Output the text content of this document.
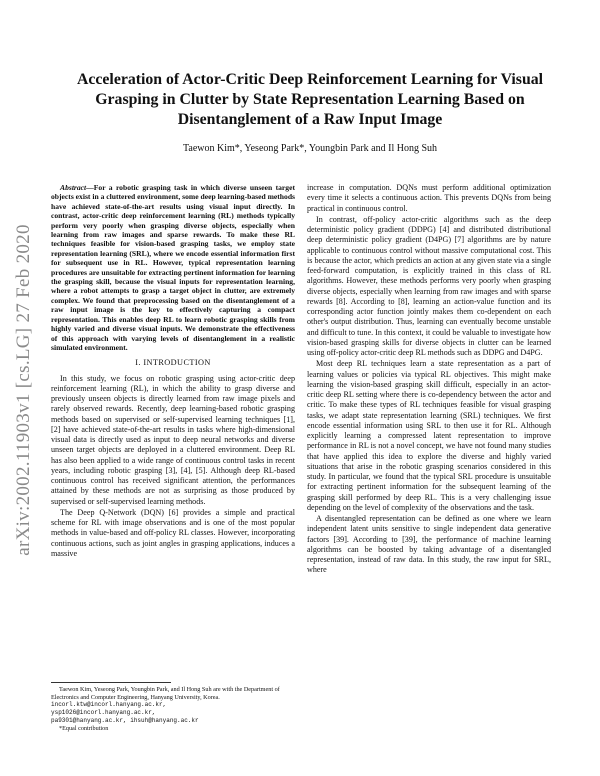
arXiv:2002.11903v1 [cs.LG] 27 Feb 2020
Acceleration of Actor-Critic Deep Reinforcement Learning for Visual Grasping in Clutter by State Representation Learning Based on Disentanglement of a Raw Input Image
Taewon Kim*, Yeseong Park*, Youngbin Park and Il Hong Suh

Abstract—For a robotic grasping task in which diverse unseen target objects exist in a cluttered environment, some deep learning-based methods have achieved state-of-the-art results using visual input directly. In contrast, actor-critic deep reinforcement learning (RL) methods typically perform very poorly when grasping diverse objects, especially when learning from raw images and sparse rewards. To make these RL techniques feasible for vision-based grasping tasks, we employ state representation learning (SRL), where we encode essential information first for subsequent use in RL. However, typical representation learning procedures are unsuitable for extracting pertinent information for learning the grasping skill, because the visual inputs for representation learning, where a robot attempts to grasp a target object in clutter, are extremely complex. We found that preprocessing based on the disentanglement of a raw input image is the key to effectively capturing a compact representation. This enables deep RL to learn robotic grasping skills from highly varied and diverse visual inputs. We demonstrate the effectiveness of this approach with varying levels of disentanglement in a realistic simulated environment.

I. INTRODUCTION

In this study, we focus on robotic grasping using actor-critic deep reinforcement learning (RL), in which the ability to grasp diverse and previously unseen objects is directly learned from raw image pixels and rarely observed rewards. Recently, deep learning-based robotic grasping methods based on supervised or self-supervised learning techniques [1], [2] have achieved state-of-the-art results in tasks where high-dimensional visual data is directly used as input to deep neural networks and diverse unseen target objects are deployed in a cluttered environment. Deep RL has also been applied to a wide range of continuous control tasks in recent years, including robotic grasping [3], [4], [5]. Although deep RL-based continuous control has received significant attention, the performances attained by these methods are not as surprising as those produced by supervised or self-supervised learning methods.

The Deep Q-Network (DQN) [6] provides a simple and practical scheme for RL with image observations and is one of the most popular methods in value-based and off-policy RL classes. However, incorporating continuous actions, such as joint angles in grasping applications, induces a massive

increase in computation. DQNs must perform additional optimization every time it selects a continuous action. This prevents DQNs from being practical in continuous control.

In contrast, off-policy actor-critic algorithms such as the deep deterministic policy gradient (DDPG) [4] and distributed distributional deep deterministic policy gradient (D4PG) [7] algorithms are by nature applicable to continuous control without massive computational cost. This is because the actor, which predicts an action at any given state via a single feed-forward computation, is explicitly trained in this class of RL algorithms. However, these methods performs very poorly when grasping diverse objects, especially when learning from raw images and with sparse rewards [8]. According to [8], learning an action-value function and its corresponding actor function jointly makes them co-dependent on each other's output distribution. Thus, learning can eventually become unstable and difficult to tune. In this context, it could be valuable to investigate how vision-based grasping skills for diverse objects in clutter can be learned using off-policy actor-critic deep RL methods such as DDPG and D4PG.

Most deep RL techniques learn a state representation as a part of learning values or policies via typical RL objectives. This might make learning the vision-based grasping skill difficult, especially in an actor-critic deep RL setting where there is co-dependency between the actor and critic. To make these types of RL techniques feasible for visual grasping tasks, we adapt state representation learning (SRL) techniques. We first encode essential information using SRL to then use it for RL. Although explicitly learning a compressed latent representation to improve performance in RL is not a novel concept, we have not found many studies that have applied this idea to explore the diverse and highly varied situations that arise in the robotic grasping scenarios considered in this study. In particular, we found that the typical SRL procedure is unsuitable for extracting pertinent information for the subsequent learning of the grasping skill performed by deep RL. This is a very challenging issue depending on the level of complexity of the observations and the task.

A disentangled representation can be defined as one where we learn independent latent units sensitive to single independent data generative factors [39]. According to [39], the performance of machine learning algorithms can be boosted by taking advantage of a disentangled representation, instead of raw data. In this study, the raw input for SRL, where

Taewon Kim, Yeseong Park, Youngbin Park, and Il Hong Suh are with the Department of Electronics and Computer Engineering, Hanyang University, Korea. incorl.ktw@incorl.hanyang.ac.kr,
ysp1026@incorl.hanyang.ac.kr,
pa9301@hanyang.ac.kr, ihsuh@hanyang.ac.kr

*Equal contribution
